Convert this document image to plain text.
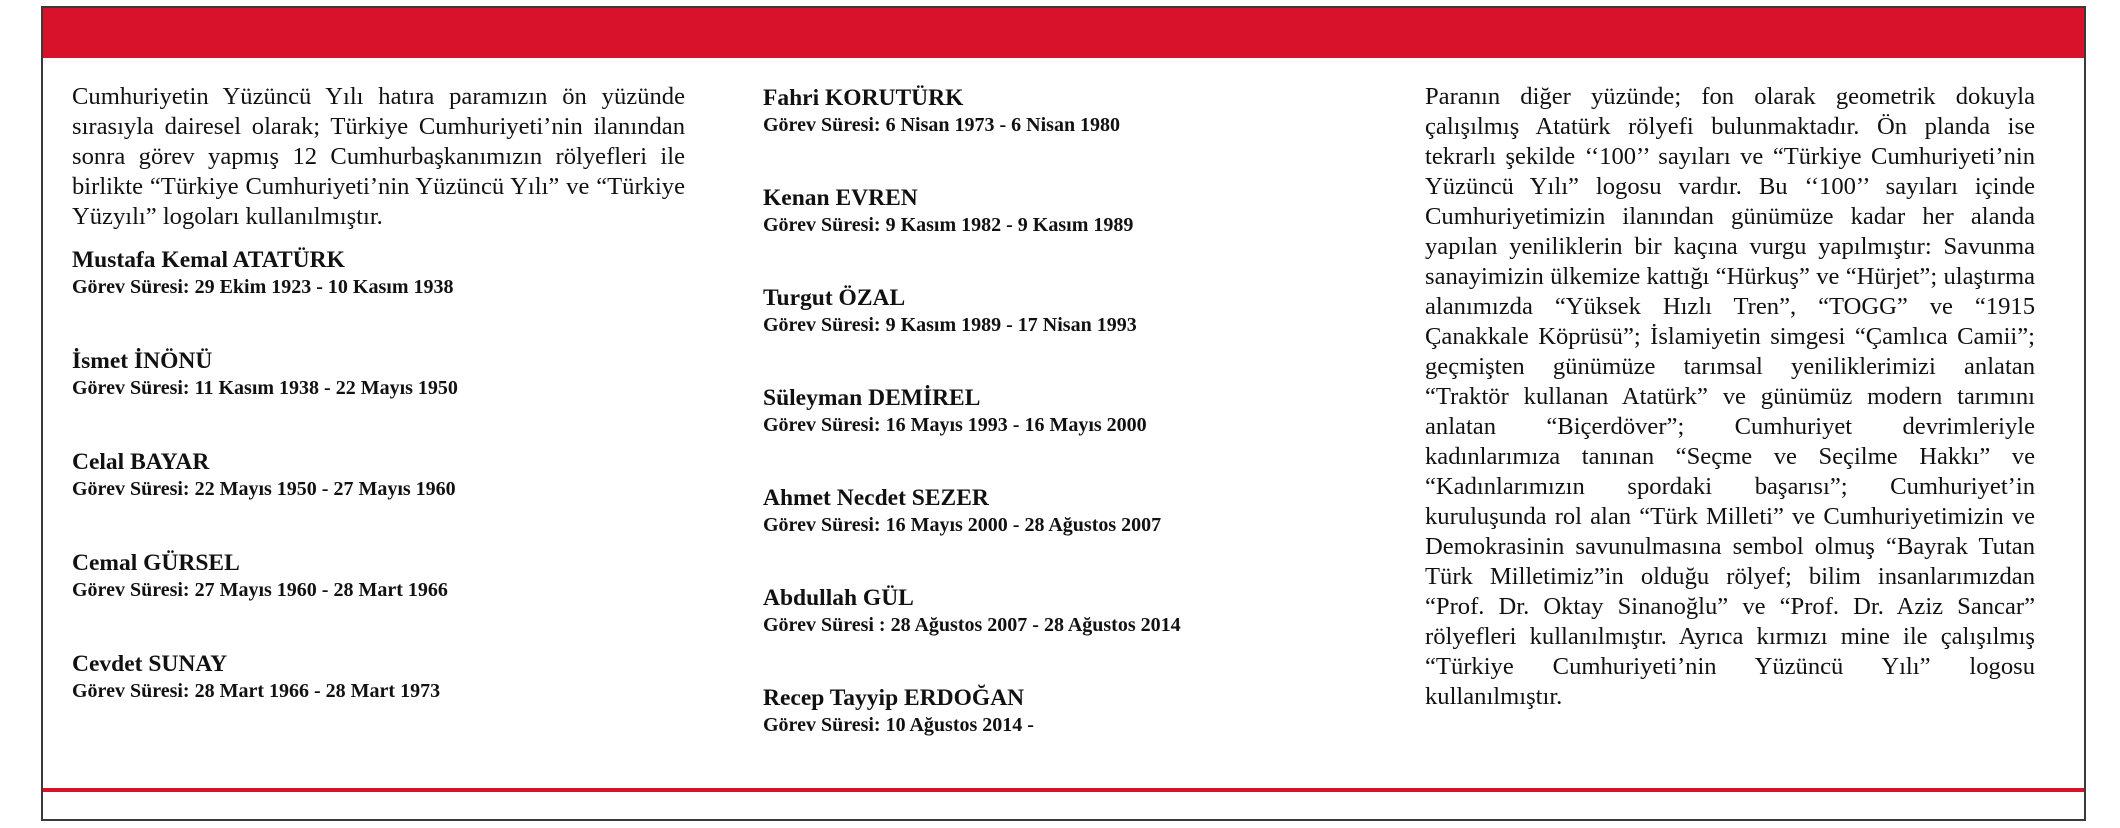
Cumhuriyetin Yüzüncü Yılı hatıra paramızın ön yüzünde sırasıyla dairesel olarak; Türkiye Cumhuriyeti’nin ilanından sonra görev yapmış 12 Cumhurbaşkanımızın rölyefleri ile birlikte “Türkiye Cumhuriyeti’nin Yüzüncü Yılı” ve “Türkiye Yüzyılı” logoları kullanılmıştır.

Mustafa Kemal ATATÜRK
Görev Süresi: 29 Ekim 1923 - 10 Kasım 1938
İsmet İNÖNÜ
Görev Süresi: 11 Kasım 1938 - 22 Mayıs 1950
Celal BAYAR
Görev Süresi: 22 Mayıs 1950 - 27 Mayıs 1960
Cemal GÜRSEL
Görev Süresi: 27 Mayıs 1960 - 28 Mart 1966
Cevdet SUNAY
Görev Süresi: 28 Mart 1966 - 28 Mart 1973
Fahri KORUTÜRK
Görev Süresi: 6 Nisan 1973 - 6 Nisan 1980
Kenan EVREN
Görev Süresi: 9 Kasım 1982 - 9 Kasım 1989
Turgut ÖZAL
Görev Süresi: 9 Kasım 1989 - 17 Nisan 1993
Süleyman DEMİREL
Görev Süresi: 16 Mayıs 1993 - 16 Mayıs 2000
Ahmet Necdet SEZER
Görev Süresi: 16 Mayıs 2000 - 28 Ağustos 2007
Abdullah GÜL
Görev Süresi : 28 Ağustos 2007 - 28 Ağustos 2014
Recep Tayyip ERDOĞAN
Görev Süresi: 10 Ağustos 2014 -

Paranın diğer yüzünde; fon olarak geometrik dokuyla çalışılmış Atatürk rölyefi bulunmaktadır. Ön planda ise tekrarlı şekilde ‘‘100’’ sayıları ve “Türkiye Cumhuriyeti’nin Yüzüncü Yılı” logosu vardır. Bu ‘‘100’’ sayıları içinde Cumhuriyetimizin ilanından günümüze kadar her alanda yapılan yeniliklerin bir kaçına vurgu yapılmıştır: Savunma sanayimizin ülkemize kattığı “Hürkuş” ve “Hürjet”; ulaştırma alanımızda “Yüksek Hızlı Tren”, “TOGG” ve “1915 Çanakkale Köprüsü”; İslamiyetin simgesi “Çamlıca Camii”; geçmişten günümüze tarımsal yeniliklerimizi anlatan “Traktör kullanan Atatürk” ve günümüz modern tarımını anlatan “Biçerdöver”; Cumhuriyet devrimleriyle kadınlarımıza tanınan “Seçme ve Seçilme Hakkı” ve “Kadınlarımızın spordaki başarısı”; Cumhuriyet’in kuruluşunda rol alan “Türk Milleti” ve Cumhuriyetimizin ve Demokrasinin savunulmasına sembol olmuş “Bayrak Tutan Türk Milletimiz”in olduğu rölyef; bilim insanlarımızdan “Prof. Dr. Oktay Sinanoğlu” ve “Prof. Dr. Aziz Sancar” rölyefleri kullanılmıştır. Ayrıca kırmızı mine ile çalışılmış “Türkiye Cumhuriyeti’nin Yüzüncü Yılı” logosu kullanılmıştır.
